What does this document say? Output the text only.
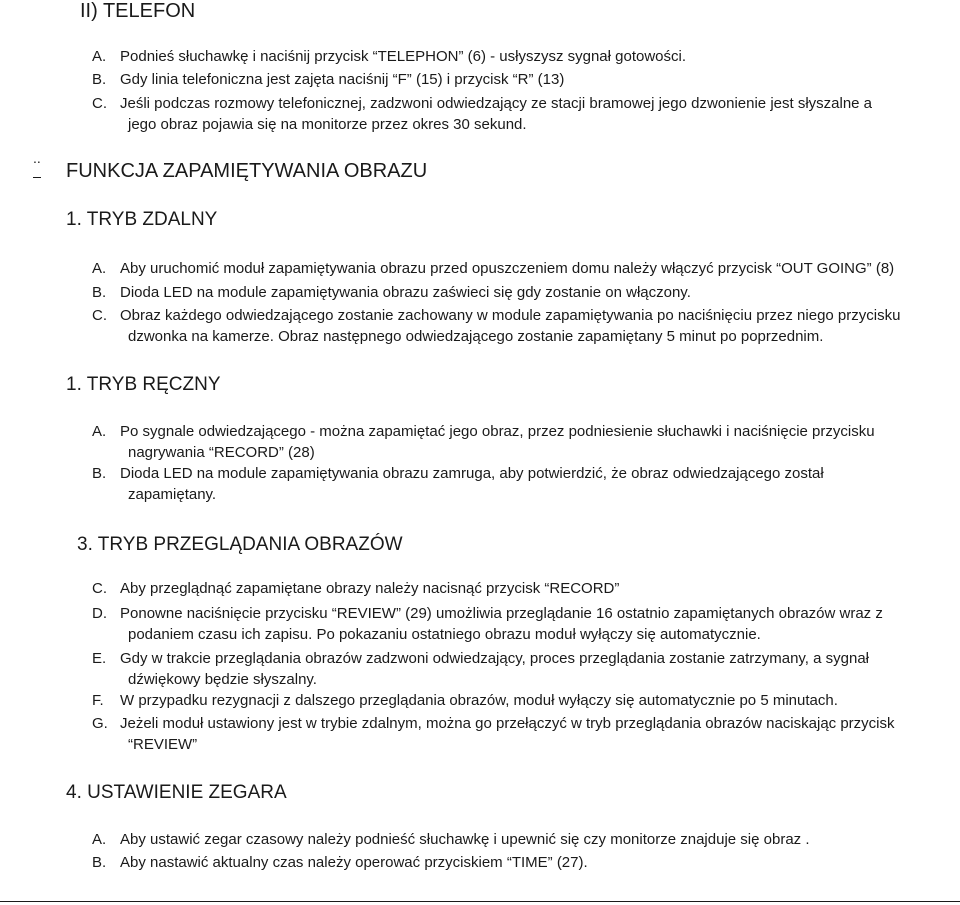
II) TELEFON
A. Podnieś słuchawkę i naciśnij przycisk “TELEPHON” (6) - usłyszysz sygnał gotowości.
B. Gdy linia telefoniczna jest zajęta naciśnij “F” (15) i przycisk “R” (13)
C. Jeśli podczas rozmowy telefonicznej, zadzwoni odwiedzający ze stacji bramowej jego dzwonienie jest słyszalne a
jego obraz pojawia się na monitorze przez okres 30 sekund.
..
FUNKCJA ZAPAMIĘTYWANIA OBRAZU
1. TRYB ZDALNY
A. Aby uruchomić moduł zapamiętywania obrazu przed opuszczeniem domu należy włączyć przycisk “OUT GOING” (8)
B. Dioda LED na module zapamiętywania obrazu zaświeci się gdy zostanie on włączony.
C. Obraz każdego odwiedzającego zostanie zachowany w module zapamiętywania po naciśnięciu przez niego przycisku
dzwonka na kamerze. Obraz następnego odwiedzającego zostanie zapamiętany 5 minut po poprzednim.
1. TRYB RĘCZNY
A. Po sygnale odwiedzającego - można zapamiętać jego obraz, przez podniesienie słuchawki i naciśnięcie przycisku
nagrywania “RECORD” (28)
B. Dioda LED na module zapamiętywania obrazu zamruga, aby potwierdzić, że obraz odwiedzającego został
zapamiętany.
3. TRYB PRZEGLĄDANIA OBRAZÓW
C. Aby przeglądnąć zapamiętane obrazy należy nacisnąć przycisk “RECORD”
D. Ponowne naciśnięcie przycisku “REVIEW” (29) umożliwia przeglądanie 16 ostatnio zapamiętanych obrazów wraz z
podaniem czasu ich zapisu. Po pokazaniu ostatniego obrazu moduł wyłączy się automatycznie.
E. Gdy w trakcie przeglądania obrazów zadzwoni odwiedzający, proces przeglądania zostanie zatrzymany, a sygnał
dźwiękowy będzie słyszalny.
F. W przypadku rezygnacji z dalszego przeglądania obrazów, moduł wyłączy się automatycznie po 5 minutach.
G. Jeżeli moduł ustawiony jest w trybie zdalnym, można go przełączyć w tryb przeglądania obrazów naciskając przycisk
“REVIEW”
4. USTAWIENIE ZEGARA
A. Aby ustawić zegar czasowy należy podnieść słuchawkę i upewnić się czy monitorze znajduje się obraz .
B. Aby nastawić aktualny czas należy operować przyciskiem “TIME” (27).
